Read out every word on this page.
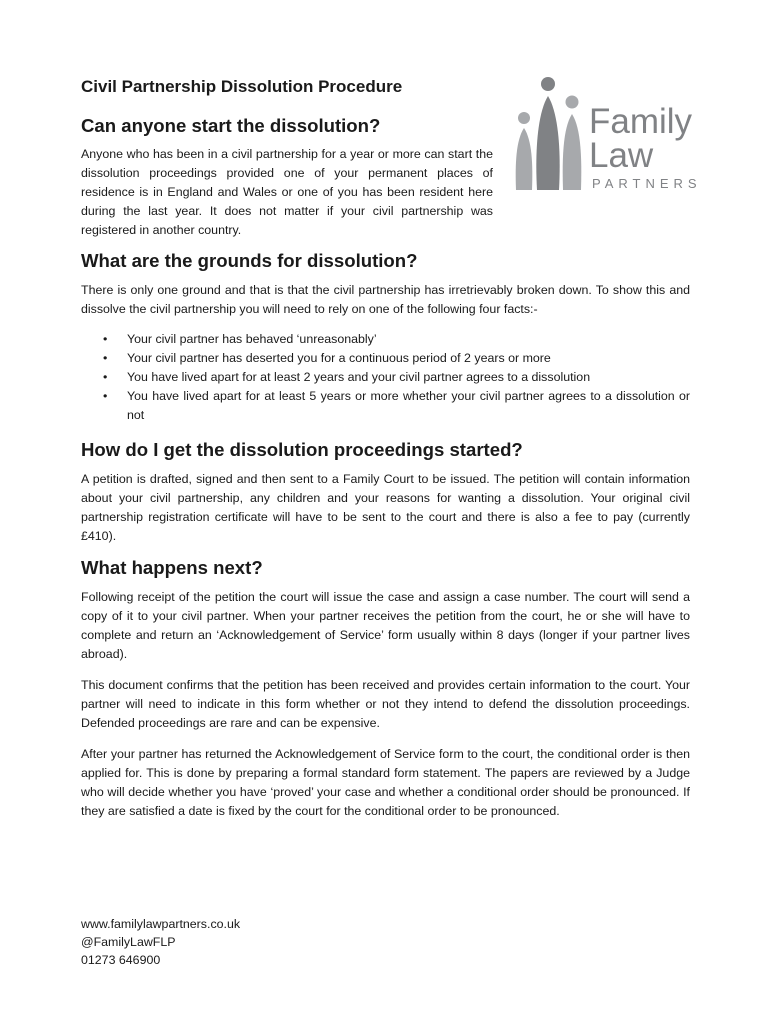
Civil Partnership Dissolution Procedure
Family
Law
PARTNERS
Can anyone start the dissolution?

Anyone who has been in a civil partnership for a year or more can start the dissolution proceedings provided one of your permanent places of residence is in England and Wales or one of you has been resident here during the last year. It does not matter if your civil partnership was registered in another country.

What are the grounds for dissolution?

There is only one ground and that is that the civil partnership has irretrievably broken down. To show this and dissolve the civil partnership you will need to rely on one of the following four facts:-

• Your civil partner has behaved ‘unreasonably’
• Your civil partner has deserted you for a continuous period of 2 years or more
• You have lived apart for at least 2 years and your civil partner agrees to a dissolution
• You have lived apart for at least 5 years or more whether your civil partner agrees to a dissolution or not
How do I get the dissolution proceedings started?

A petition is drafted, signed and then sent to a Family Court to be issued. The petition will contain information about your civil partnership, any children and your reasons for wanting a dissolution. Your original civil partnership registration certificate will have to be sent to the court and there is also a fee to pay (currently £410).

What happens next?

Following receipt of the petition the court will issue the case and assign a case number. The court will send a copy of it to your civil partner. When your partner receives the petition from the court, he or she will have to complete and return an ‘Acknowledgement of Service’ form usually within 8 days (longer if your partner lives abroad).

This document confirms that the petition has been received and provides certain information to the court. Your partner will need to indicate in this form whether or not they intend to defend the dissolution proceedings. Defended proceedings are rare and can be expensive.

After your partner has returned the Acknowledgement of Service form to the court, the conditional order is then applied for. This is done by preparing a formal standard form statement. The papers are reviewed by a Judge who will decide whether you have ‘proved’ your case and whether a conditional order should be pronounced. If they are satisfied a date is fixed by the court for the conditional order to be pronounced.

www.familylawpartners.co.uk
@FamilyLawFLP
01273 646900
